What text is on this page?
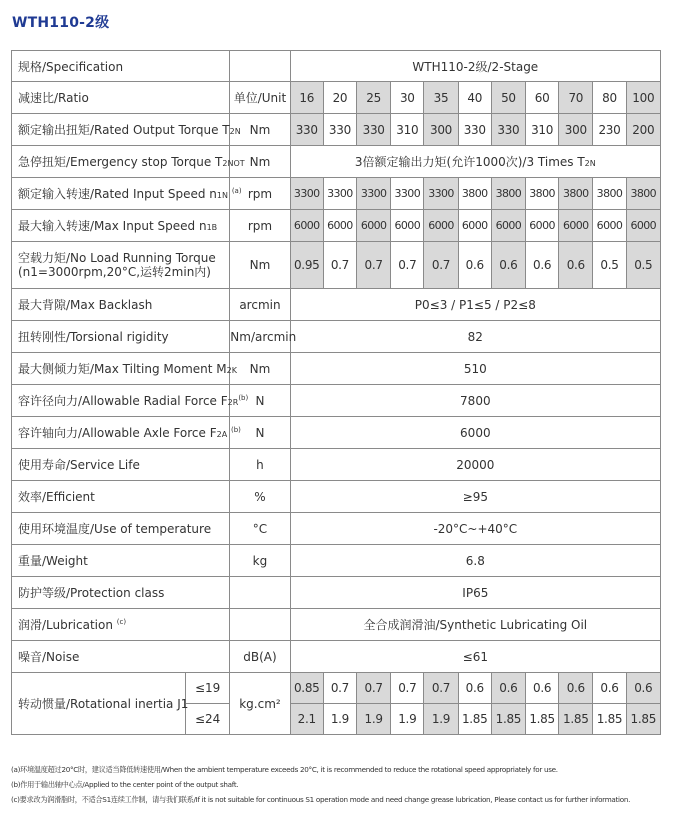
WTH110-2级
规格/Specification			WTH110-2级/2-Stage										
减速比/Ratio		单位/Unit	16	20	25	30	35	40	50	60	70	80	100
额定输出扭矩/Rated Output Torque T2N		Nm	330	330	330	310	300	330	330	310	300	230	200
急停扭矩/Emergency stop Torque T2NOT		Nm	3倍额定输出力矩(允许1000次)/3 Times T2N										
额定输入转速/Rated Input Speed n1N $^{(a)}$		rpm	3300	3300	3300	3300	3300	3800	3800	3800	3800	3800	3800
最大输入转速/Max Input Speed n1B		rpm	6000	6000	6000	6000	6000	6000	6000	6000	6000	6000	6000
空载力矩/No Load Running Torque
(n1=3000rpm,20°C,运转2min内)		Nm	0.95	0.7	0.7	0.7	0.7	0.6	0.6	0.6	0.6	0.5	0.5
最大背隙/Max Backlash		arcmin	P0≤3 / P1≤5 / P2≤8										
扭转刚性/Torsional rigidity		Nm/arcmin	82										
最大侧倾力矩/Max Tilting Moment M2K		Nm	510										
容许径向力/Allowable Radial Force $F2R^{(b)}$		N	7800										
容许轴向力/Allowable Axle Force F2A $^{(b)}$		N	6000										
使用寿命/Service Life		h	20000										
效率/Efficient		%	≥95										
使用环境温度/Use of temperature		°C	-20°C~+40°C										
重量/Weight		kg	6.8										
防护等级/Protection class			IP65										
润滑/Lubrication $^{(c)}$			全合成润滑油/Synthetic Lubricating Oil										
噪音/Noise		dB(A)	≤61										
转动惯量/Rotational inertia J1	≤19	kg.cm²	0.85	0.7	0.7	0.7	0.7	0.6	0.6	0.6	0.6	0.6	0.6
	≤24		2.1	1.9	1.9	1.9	1.9	1.85	1.85	1.85	1.85	1.85	1.85
(a)环境温度超过20°C时，建议适当降低转速使用/When the ambient temperature exceeds 20°C, it is recommended to reduce the rotational speed appropriately for use.
(b)作用于输出轴中心点/Applied to the center point of the output shaft.
(c)要求改为润滑脂时，不适合S1连续工作制，请与我们联系/If it is not suitable for continuous S1 operation mode and need change grease lubrication, Please contact us for further information.
